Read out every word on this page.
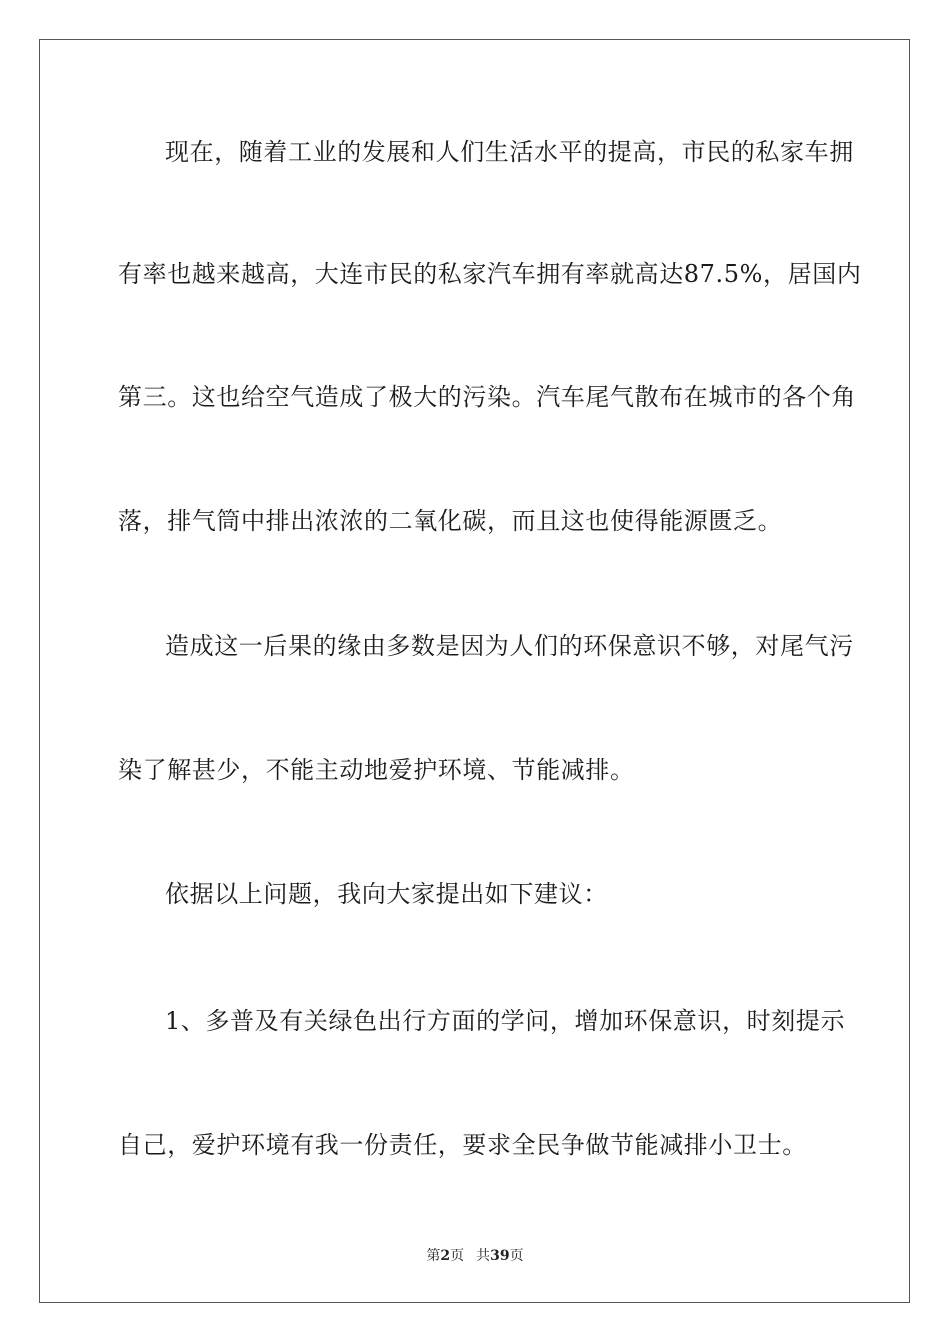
现在，随着工业的发展和人们生活水平的提高，市民的私家车拥
有率也越来越高，大连市民的私家汽车拥有率就高达87.5%，居国内
第三。这也给空气造成了极大的污染。汽车尾气散布在城市的各个角
落，排气筒中排出浓浓的二氧化碳，而且这也使得能源匮乏。
造成这一后果的缘由多数是因为人们的环保意识不够，对尾气污
染了解甚少，不能主动地爱护环境、节能减排。
依据以上问题，我向大家提出如下建议：
1、多普及有关绿色出行方面的学问，增加环保意识，时刻提示
自己，爱护环境有我一份责任，要求全民争做节能减排小卫士。
第2页 共39页
